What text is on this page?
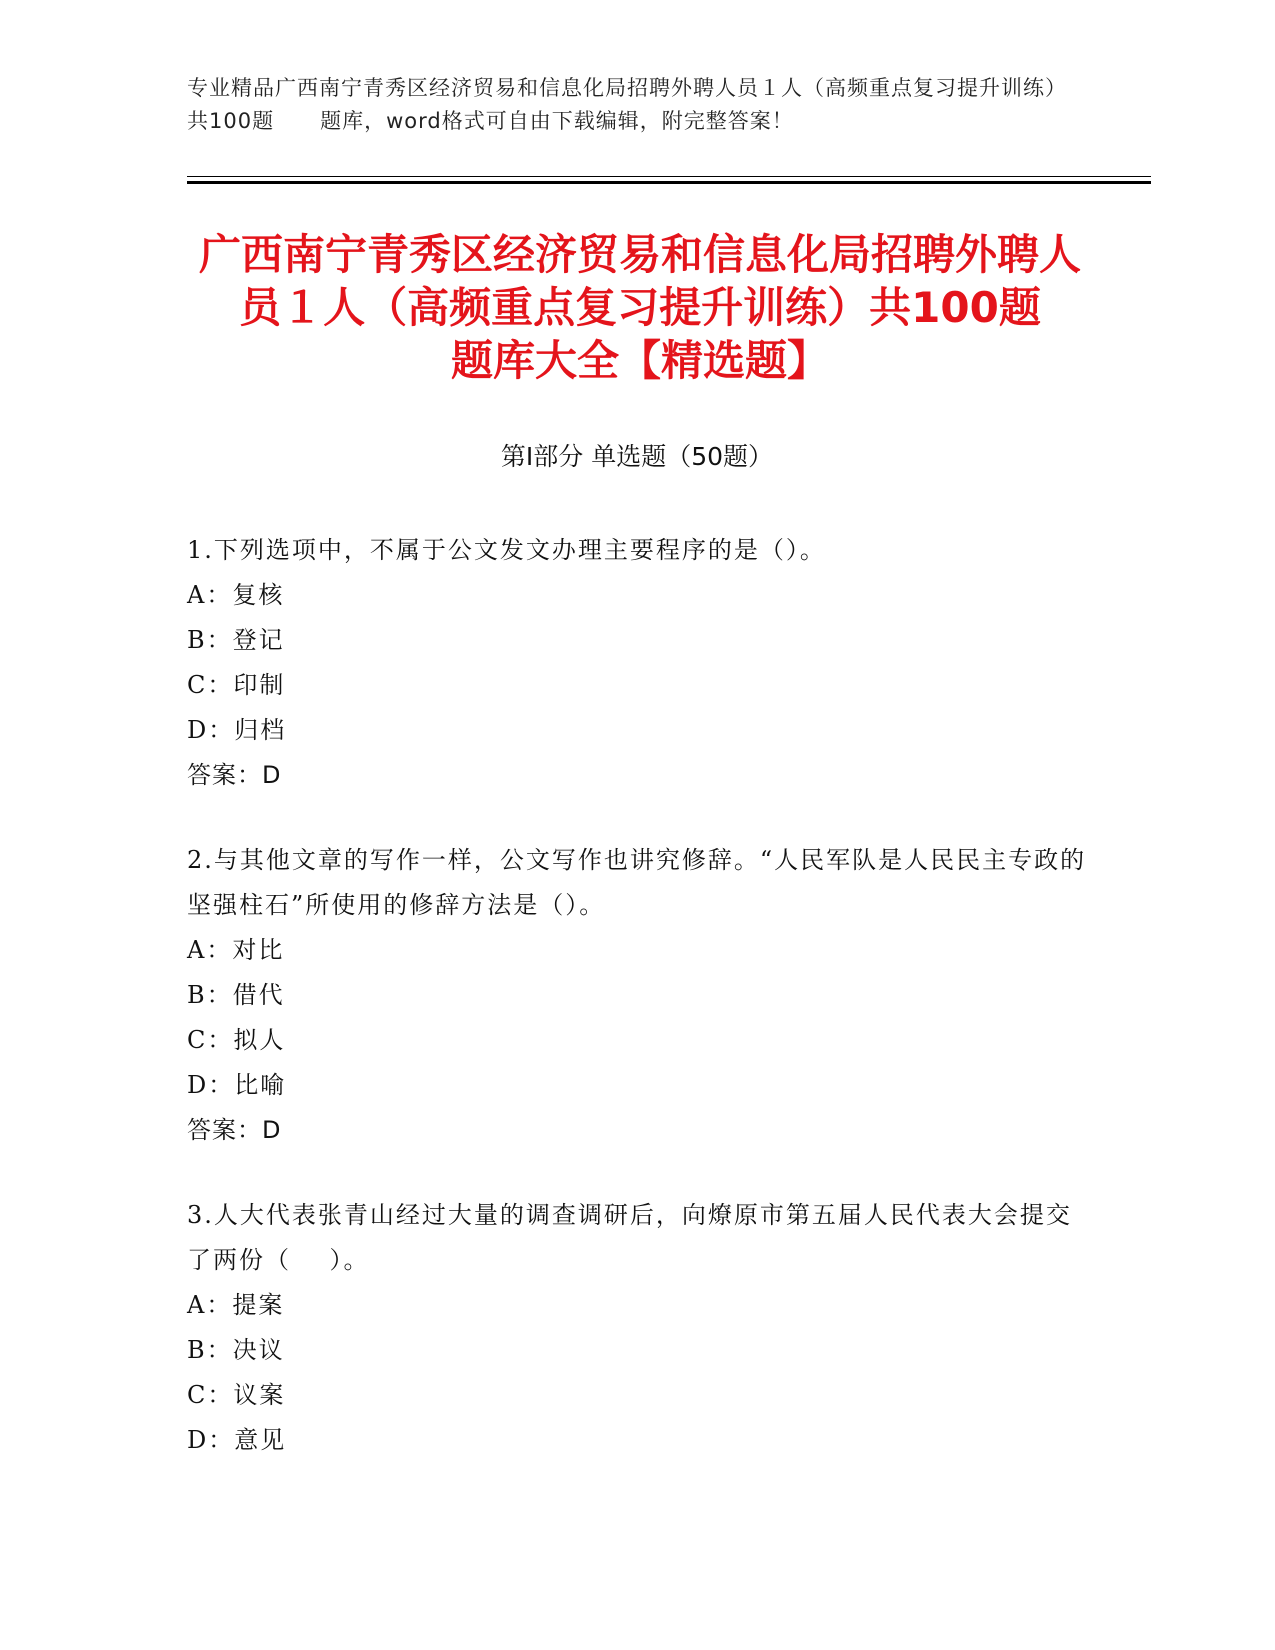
专业精品广西南宁青秀区经济贸易和信息化局招聘外聘人员１人（高频重点复习提升训练）共100题      题库，word格式可自由下载编辑，附完整答案！
广西南宁青秀区经济贸易和信息化局招聘外聘人员１人（高频重点复习提升训练）共100题       题库大全【精选题】
第Ⅰ部分 单选题（50题）
1.下列选项中，不属于公文发文办理主要程序的是（）。
A：复核
B：登记
C：印制
D：归档
答案：D
2.与其他文章的写作一样，公文写作也讲究修辞。“人民军队是人民民主专政的坚强柱石”所使用的修辞方法是（）。
A：对比
B：借代
C：拟人
D：比喻
答案：D
3.人大代表张青山经过大量的调查调研后，向燎原市第五届人民代表大会提交了两份（    ）。
A：提案
B：决议
C：议案
D：意见
